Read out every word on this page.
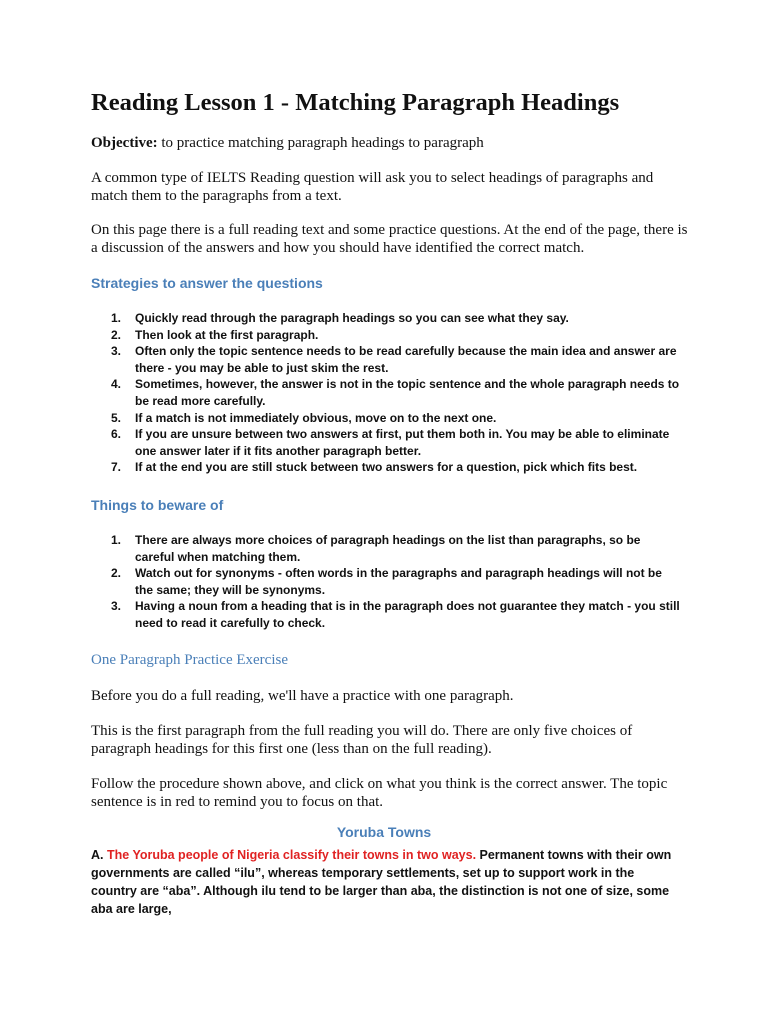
Reading Lesson 1 - Matching Paragraph Headings

Objective: to practice matching paragraph headings to paragraph

A common type of IELTS Reading question will ask you to select headings of paragraphs and match them to the paragraphs from a text.

On this page there is a full reading text and some practice questions. At the end of the page, there is a discussion of the answers and how you should have identified the correct match.

Strategies to answer the questions

1. Quickly read through the paragraph headings so you can see what they say.
2. Then look at the first paragraph.
3. Often only the topic sentence needs to be read carefully because the main idea and answer are there - you may be able to just skim the rest.
4. Sometimes, however, the answer is not in the topic sentence and the whole paragraph needs to be read more carefully.
5. If a match is not immediately obvious, move on to the next one.
6. If you are unsure between two answers at first, put them both in. You may be able to eliminate one answer later if it fits another paragraph better.
7. If at the end you are still stuck between two answers for a question, pick which fits best.

Things to beware of

1. There are always more choices of paragraph headings on the list than paragraphs, so be careful when matching them.
2. Watch out for synonyms - often words in the paragraphs and paragraph headings will not be the same; they will be synonyms.
3. Having a noun from a heading that is in the paragraph does not guarantee they match - you still need to read it carefully to check.

One Paragraph Practice Exercise

Before you do a full reading, we'll have a practice with one paragraph.

This is the first paragraph from the full reading you will do. There are only five choices of paragraph headings for this first one (less than on the full reading).

Follow the procedure shown above, and click on what you think is the correct answer. The topic sentence is in red to remind you to focus on that.

Yoruba Towns

A. The Yoruba people of Nigeria classify their towns in two ways. Permanent towns with their own governments are called “ilu”, whereas temporary settlements, set up to support work in the country are “aba”. Although ilu tend to be larger than aba, the distinction is not one of size, some aba are large,
